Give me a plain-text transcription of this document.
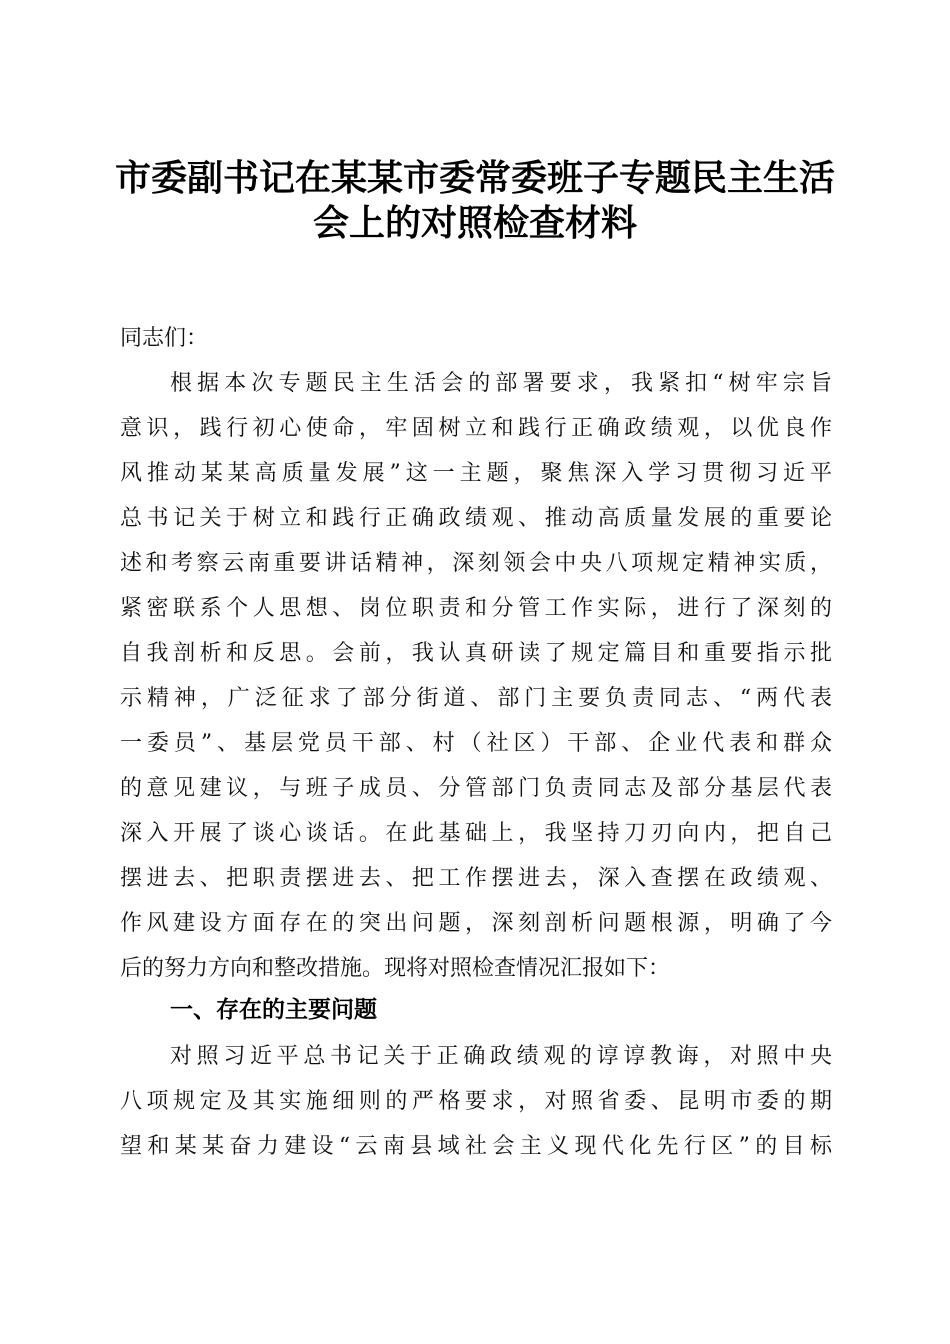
市委副书记在某某市委常委班子专题民主生活
会上的对照检查材料

同志们：

根据本次专题民主生活会的部署要求，我紧扣“树牢宗旨

意识，践行初心使命，牢固树立和践行正确政绩观，以优良作

风推动某某高质量发展”这一主题，聚焦深入学习贯彻习近平

总书记关于树立和践行正确政绩观、推动高质量发展的重要论

述和考察云南重要讲话精神，深刻领会中央八项规定精神实质，

紧密联系个人思想、岗位职责和分管工作实际，进行了深刻的

自我剖析和反思。会前，我认真研读了规定篇目和重要指示批

示精神，广泛征求了部分街道、部门主要负责同志、“两代表

一委员”、基层党员干部、村（社区）干部、企业代表和群众

的意见建议，与班子成员、分管部门负责同志及部分基层代表

深入开展了谈心谈话。在此基础上，我坚持刀刃向内，把自己

摆进去、把职责摆进去、把工作摆进去，深入查摆在政绩观、

作风建设方面存在的突出问题，深刻剖析问题根源，明确了今

后的努力方向和整改措施。现将对照检查情况汇报如下：

一、存在的主要问题

对照习近平总书记关于正确政绩观的谆谆教诲，对照中央

八项规定及其实施细则的严格要求，对照省委、昆明市委的期

望和某某奋力建设“云南县域社会主义现代化先行区”的目标
